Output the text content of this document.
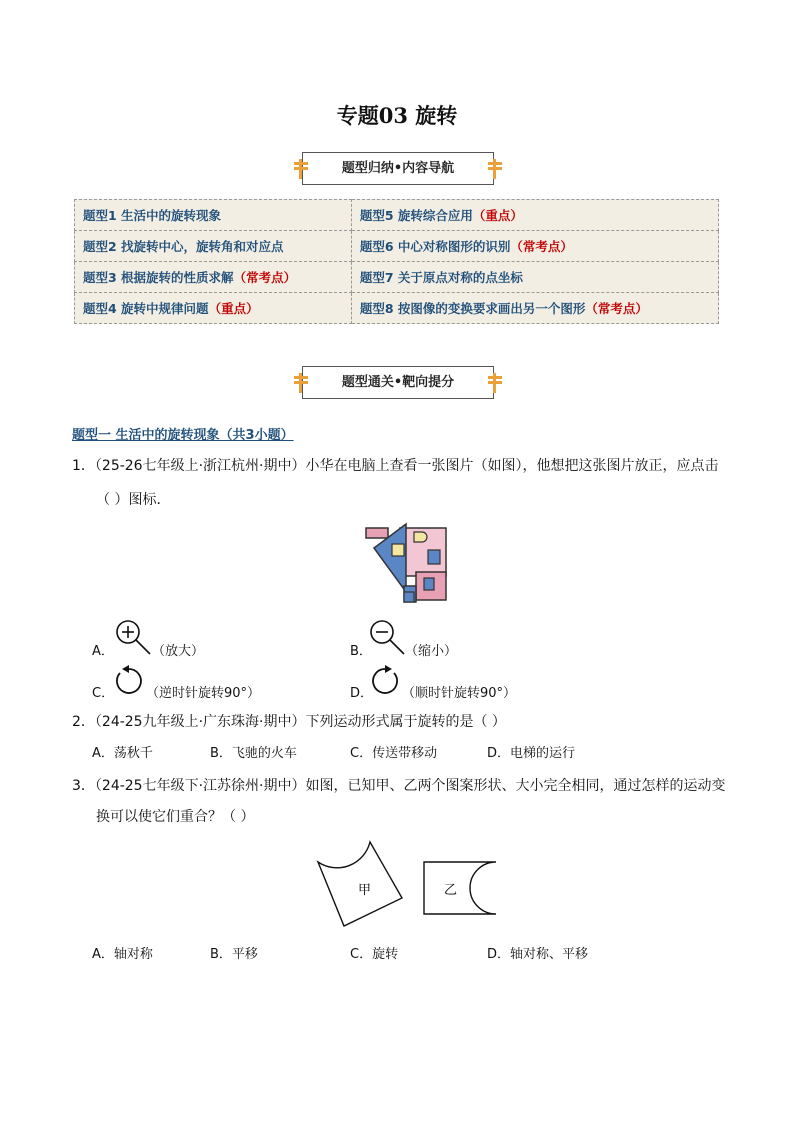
专题03 旋转
题型归纳•内容导航
题型1 生活中的旋转现象	题型5 旋转综合应用（重点）
题型2 找旋转中心，旋转角和对应点	题型6 中心对称图形的识别（常考点）
题型3 根据旋转的性质求解（常考点）	题型7 关于原点对称的点坐标
题型4 旋转中规律问题（重点）	题型8 按图像的变换要求画出另一个图形（常考点）
题型通关•靶向提分
题型一 生活中的旋转现象（共3小题）
1．（25-26七年级上·浙江杭州·期中）小华在电脑上查看一张图片（如图），他想把这张图片放正，应点击
（ ）图标．
A．	（放大）	B．	（缩小）
C． （逆时针旋转90°）	D． （顺时针旋转90°）
2．（24-25九年级上·广东珠海·期中）下列运动形式属于旋转的是（ ）
A．荡秋千	B．飞驰的火车	C．传送带移动	D．电梯的运行
3．（24-25七年级下·江苏徐州·期中）如图，已知甲、乙两个图案形状、大小完全相同，通过怎样的运动变
换可以使它们重合？（ ）
甲	乙
A．轴对称	B．平移	C．旋转	D．轴对称、平移
